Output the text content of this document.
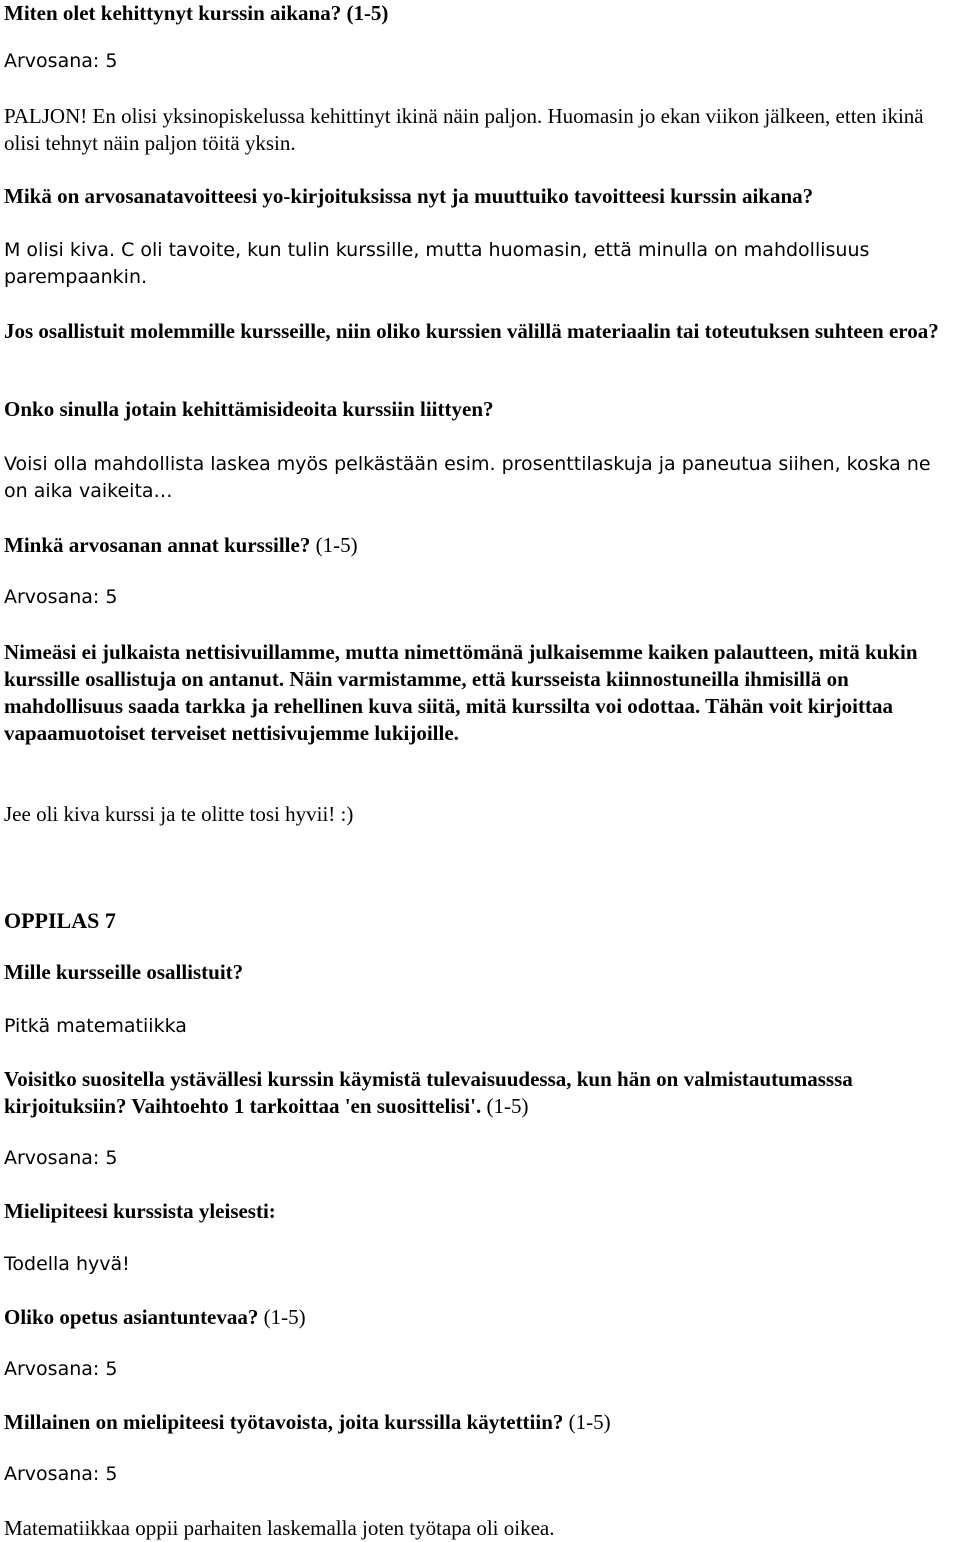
Miten olet kehittynyt kurssin aikana? (1-5)

Arvosana: 5

PALJON! En olisi yksinopiskelussa kehittinyt ikinä näin paljon. Huomasin jo ekan viikon jälkeen, etten ikinä olisi tehnyt näin paljon töitä yksin.

Mikä on arvosanatavoitteesi yo-kirjoituksissa nyt ja muuttuiko tavoitteesi kurssin aikana?

M olisi kiva. C oli tavoite, kun tulin kurssille, mutta huomasin, että minulla on mahdollisuus parempaankin.

Jos osallistuit molemmille kursseille, niin oliko kurssien välillä materiaalin tai toteutuksen suhteen eroa?

Onko sinulla jotain kehittämisideoita kurssiin liittyen?

Voisi olla mahdollista laskea myös pelkästään esim. prosenttilaskuja ja paneutua siihen, koska ne on aika vaikeita…

Minkä arvosanan annat kurssille? (1-5)

Arvosana: 5

Nimeäsi ei julkaista nettisivuillamme, mutta nimettömänä julkaisemme kaiken palautteen, mitä kukin kurssille osallistuja on antanut. Näin varmistamme, että kursseista kiinnostuneilla ihmisillä on mahdollisuus saada tarkka ja rehellinen kuva siitä, mitä kurssilta voi odottaa. Tähän voit kirjoittaa vapaamuotoiset terveiset nettisivujemme lukijoille.

Jee oli kiva kurssi ja te olitte tosi hyvii! :)

OPPILAS 7

Mille kursseille osallistuit?

Pitkä matematiikka

Voisitko suositella ystävällesi kurssin käymistä tulevaisuudessa, kun hän on valmistautumasssa kirjoituksiin? Vaihtoehto 1 tarkoittaa 'en suosittelisi'. (1-5)

Arvosana: 5

Mielipiteesi kurssista yleisesti:

Todella hyvä!

Oliko opetus asiantuntevaa? (1-5)

Arvosana: 5

Millainen on mielipiteesi työtavoista, joita kurssilla käytettiin? (1-5)

Arvosana: 5

Matematiikkaa oppii parhaiten laskemalla joten työtapa oli oikea.
